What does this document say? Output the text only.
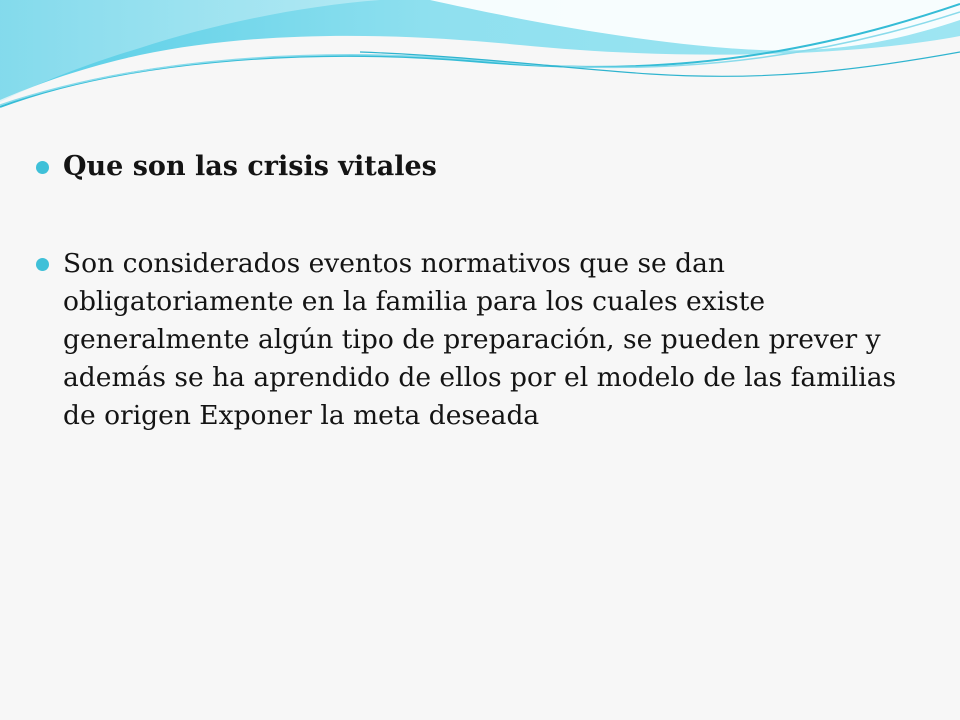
Que son las crisis vitales
Son considerados eventos normativos que se dan obligatoriamente en la familia para los cuales existe generalmente algún tipo de preparación, se pueden prever y además se ha aprendido de ellos por el modelo de las familias de origen Exponer la meta deseada
